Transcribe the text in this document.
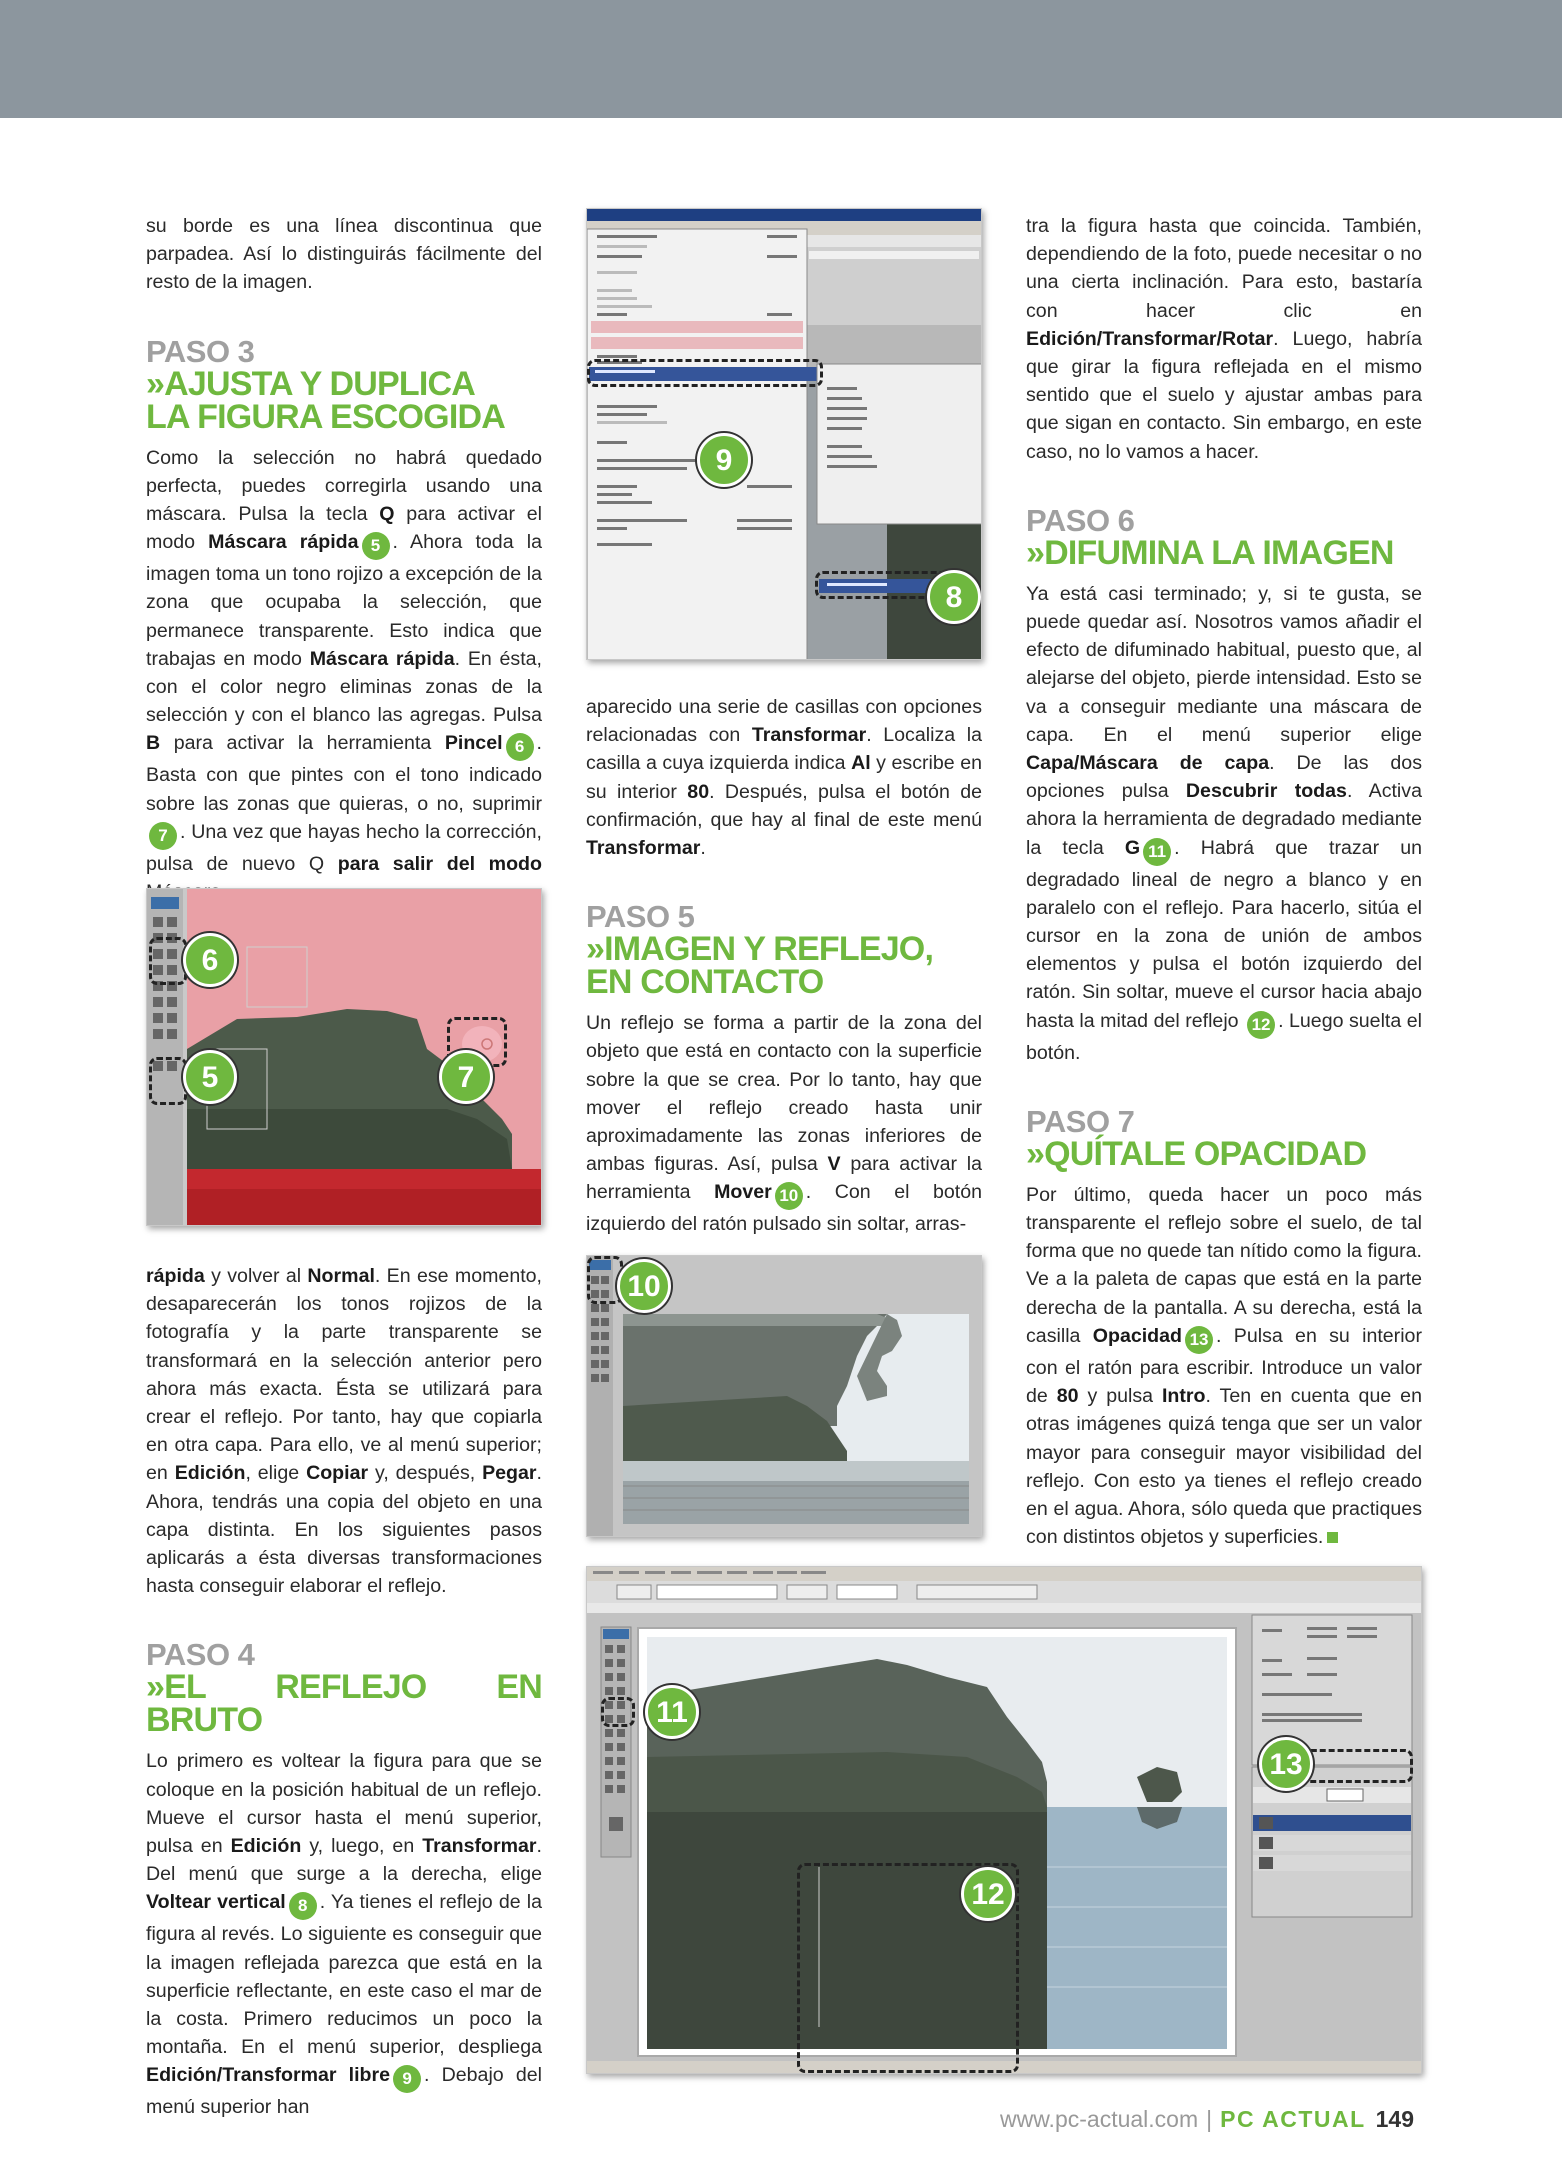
su borde es una línea discontinua que parpadea. Así lo distinguirás fácilmente del resto de la imagen.

PASO 3
»AJUSTA Y DUPLICA
LA FIGURA ESCOGIDA

Como la selección no habrá quedado perfecta, puedes corregirla usando una máscara. Pulsa la tecla Q para activar el modo Máscara rápida 5 . Ahora toda la imagen toma un tono rojizo a excepción de la zona que ocupaba la selección, que permanece transparente. Esto indica que trabajas en modo Máscara rápida. En ésta, con el color negro eliminas zonas de la selección y con el blanco las agregas. Pulsa B para activar la herramienta Pincel 6 . Basta con que pintes con el tono indicado sobre las zonas que quieras, o no, suprimir 7 . Una vez que hayas hecho la corrección, pulsa de nuevo Q para salir del modo

6
5	7

rápida y volver al Normal. En ese momento, desaparecerán los tonos rojizos de la fotografía y la parte transparente se transformará en la selección anterior pero ahora más exacta. Ésta se utilizará para crear el reflejo. Por tanto, hay que copiarla en otra capa. Para ello, ve al menú superior; en Edición, elige Copiar y, después, Pegar. Ahora, tendrás una copia del objeto en una capa distinta. En los siguientes pasos aplicarás a ésta diversas transformaciones hasta conseguir elaborar el reflejo.

PASO 4
»EL REFLEJO EN BRUTO

Lo primero es voltear la figura para que se coloque en la posición habitual de un reflejo. Mueve el cursor hasta el menú superior, pulsa en Edición y, luego, en Transformar. Del menú que surge a la derecha, elige Voltear vertical 8 . Ya tienes el reflejo de la figura al revés. Lo siguiente es conseguir que la imagen reflejada parezca que está en la superficie reflectante, en este caso el mar de la costa. Primero reducimos un poco la montaña. En el menú superior, despliega Edición/Transformar libre 9 . Debajo del menú superior han

9
8

aparecido una serie de casillas con opciones relacionadas con Transformar. Localiza la casilla a cuya izquierda indica Al y escribe en su interior 80. Después, pulsa el botón de confirmación, que hay al final de este menú Transformar.

PASO 5
»IMAGEN Y REFLEJO,
EN CONTACTO

Un reflejo se forma a partir de la zona del objeto que está en contacto con la superficie sobre la que se crea. Por lo tanto, hay que mover el reflejo creado hasta unir aproximadamente las zonas inferiores de ambas figuras. Así, pulsa V para activar la herramienta Mover 10 . Con el botón izquierdo del ratón pulsado sin soltar, arras-

10

tra la figura hasta que coincida. También, dependiendo de la foto, puede necesitar o no una cierta inclinación. Para esto, bastaría con hacer clic en Edición/Transformar/Rotar. Luego, habría que girar la figura reflejada en el mismo sentido que el suelo y ajustar ambas para que sigan en contacto. Sin embargo, en este caso, no lo vamos a hacer.

PASO 6
»DIFUMINA LA IMAGEN

Ya está casi terminado; y, si te gusta, se puede quedar así. Nosotros vamos añadir el efecto de difuminado habitual, puesto que, al alejarse del objeto, pierde intensidad. Esto se va a conseguir mediante una máscara de capa. En el menú superior elige Capa/Máscara de capa. De las dos opciones pulsa Descubrir todas. Activa ahora la herramienta de degradado mediante la tecla G 11 . Habrá que trazar un degradado lineal de negro a blanco y en paralelo con el reflejo. Para hacerlo, sitúa el cursor en la zona de unión de ambos elementos y pulsa el botón izquierdo del ratón. Sin soltar, mueve el cursor hacia abajo hasta la mitad del reflejo 12 . Luego suelta el botón.

PASO 7
»QUÍTALE OPACIDAD

Por último, queda hacer un poco más transparente el reflejo sobre el suelo, de tal forma que no quede tan nítido como la figura. Ve a la paleta de capas que está en la parte derecha de la pantalla. A su derecha, está la casilla Opacidad 13 . Pulsa en su interior con el ratón para escribir. Introduce un valor de 80 y pulsa Intro. Ten en cuenta que en otras imágenes quizá tenga que ser un valor mayor para conseguir mayor visibilidad del reflejo. Con esto ya tienes el reflejo creado en el agua. Ahora, sólo queda que practiques con distintos objetos y superficies.

11
12
13
www.pc-actual.com | PC ACTUAL 149
